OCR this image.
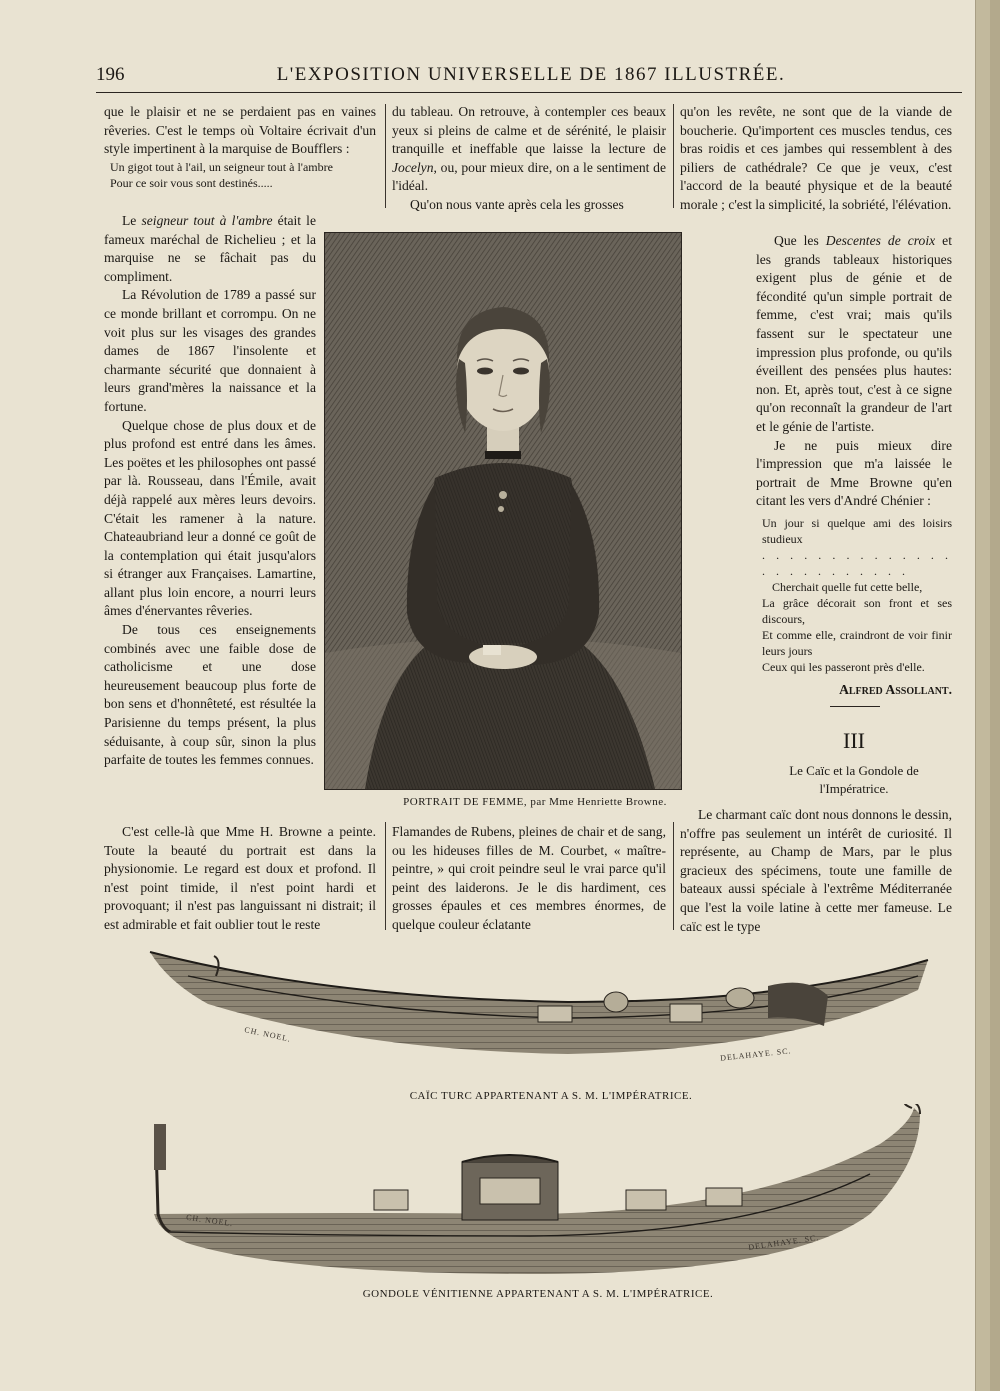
196	L'EXPOSITION UNIVERSELLE DE 1867 ILLUSTRÉE.

que le plaisir et ne se perdaient pas en vaines rêveries. C'est le temps où Voltaire écrivait d'un style impertinent à la marquise de Boufflers :

Un gigot tout à l'ail, un seigneur tout à l'ambre

Pour ce soir vous sont destinés.....

Le seigneur tout à l'ambre était le fameux maréchal de Richelieu ; et la marquise ne se fâchait pas du compliment.

La Révolution de 1789 a passé sur ce monde brillant et corrompu. On ne voit plus sur les visages des grandes dames de 1867 l'insolente et charmante sécurité que donnaient à leurs grand'mères la naissance et la fortune.

Quelque chose de plus doux et de plus profond est entré dans les âmes. Les poëtes et les philosophes ont passé par là. Rousseau, dans l'Émile, avait déjà rappelé aux mères leurs devoirs. C'était les ramener à la nature. Chateaubriand leur a donné ce goût de la contemplation qui était jusqu'alors si étranger aux Françaises. Lamartine, allant plus loin encore, a nourri leurs âmes d'énervantes rêveries.

De tous ces enseignements combinés avec une faible dose de catholicisme et une dose heureusement beaucoup plus forte de bon sens et d'honnêteté, est résultée la Parisienne du temps présent, la plus séduisante, à coup sûr, sinon la plus parfaite de toutes les femmes connues.

C'est celle-là que Mme H. Browne a peinte. Toute la beauté du portrait est dans la physionomie. Le regard est doux et profond. Il n'est point timide, il n'est point hardi et provoquant; il n'est pas languissant ni distrait; il est admirable et fait oublier tout le reste

du tableau. On retrouve, à contempler ces beaux yeux si pleins de calme et de sérénité, le plaisir tranquille et ineffable que laisse la lecture de Jocelyn, ou, pour mieux dire, on a le sentiment de l'idéal.

Qu'on nous vante après cela les grosses

Flamandes de Rubens, pleines de chair et de sang, ou les hideuses filles de M. Courbet, « maître-peintre, » qui croit peindre seul le vrai parce qu'il peint des laiderons. Je le dis hardiment, ces grosses épaules et ces membres énormes, de quelque couleur éclatante

qu'on les revête, ne sont que de la viande de boucherie. Qu'importent ces muscles tendus, ces bras roidis et ces jambes qui ressemblent à des piliers de cathédrale? Ce que je veux, c'est l'accord de la beauté physique et de la beauté morale ; c'est la simplicité, la sobriété, l'élévation.

Que les Descentes de croix et les grands tableaux historiques exigent plus de génie et de fécondité qu'un simple portrait de femme, c'est vrai; mais qu'ils fassent sur le spectateur une impression plus profonde, ou qu'ils éveillent des pensées plus hautes: non. Et, après tout, c'est à ce signe qu'on reconnaît la grandeur de l'art et le génie de l'artiste.

Je ne puis mieux dire l'impression que m'a laissée le portrait de Mme Browne qu'en citant les vers d'André Chénier :

Un jour si quelque ami des loisirs studieux

. . . . . . . . . . . . . . . . . . . . . . . . .

Cherchait quelle fut cette belle,

La grâce décorait son front et ses discours,

Et comme elle, craindront de voir finir leurs jours

Ceux qui les passeront près d'elle.

Alfred Assollant.

III
Le Caïc et la Gondole de l'Impératrice.

Le charmant caïc dont nous donnons le dessin, n'offre pas seulement un intérêt de curiosité. Il représente, au Champ de Mars, par le plus gracieux des spécimens, toute une famille de bateaux aussi spéciale à l'extrême Méditerranée que l'est la voile latine à cette mer fameuse. Le caïc est le type

PORTRAIT DE FEMME, par Mme Henriette Browne.
CH. NOEL.
DELAHAYE. SC.
CAÏC TURC APPARTENANT A S. M. L'IMPÉRATRICE.
CH. NOEL.
DELAHAYE. SC.
GONDOLE VÉNITIENNE APPARTENANT A S. M. L'IMPÉRATRICE.
